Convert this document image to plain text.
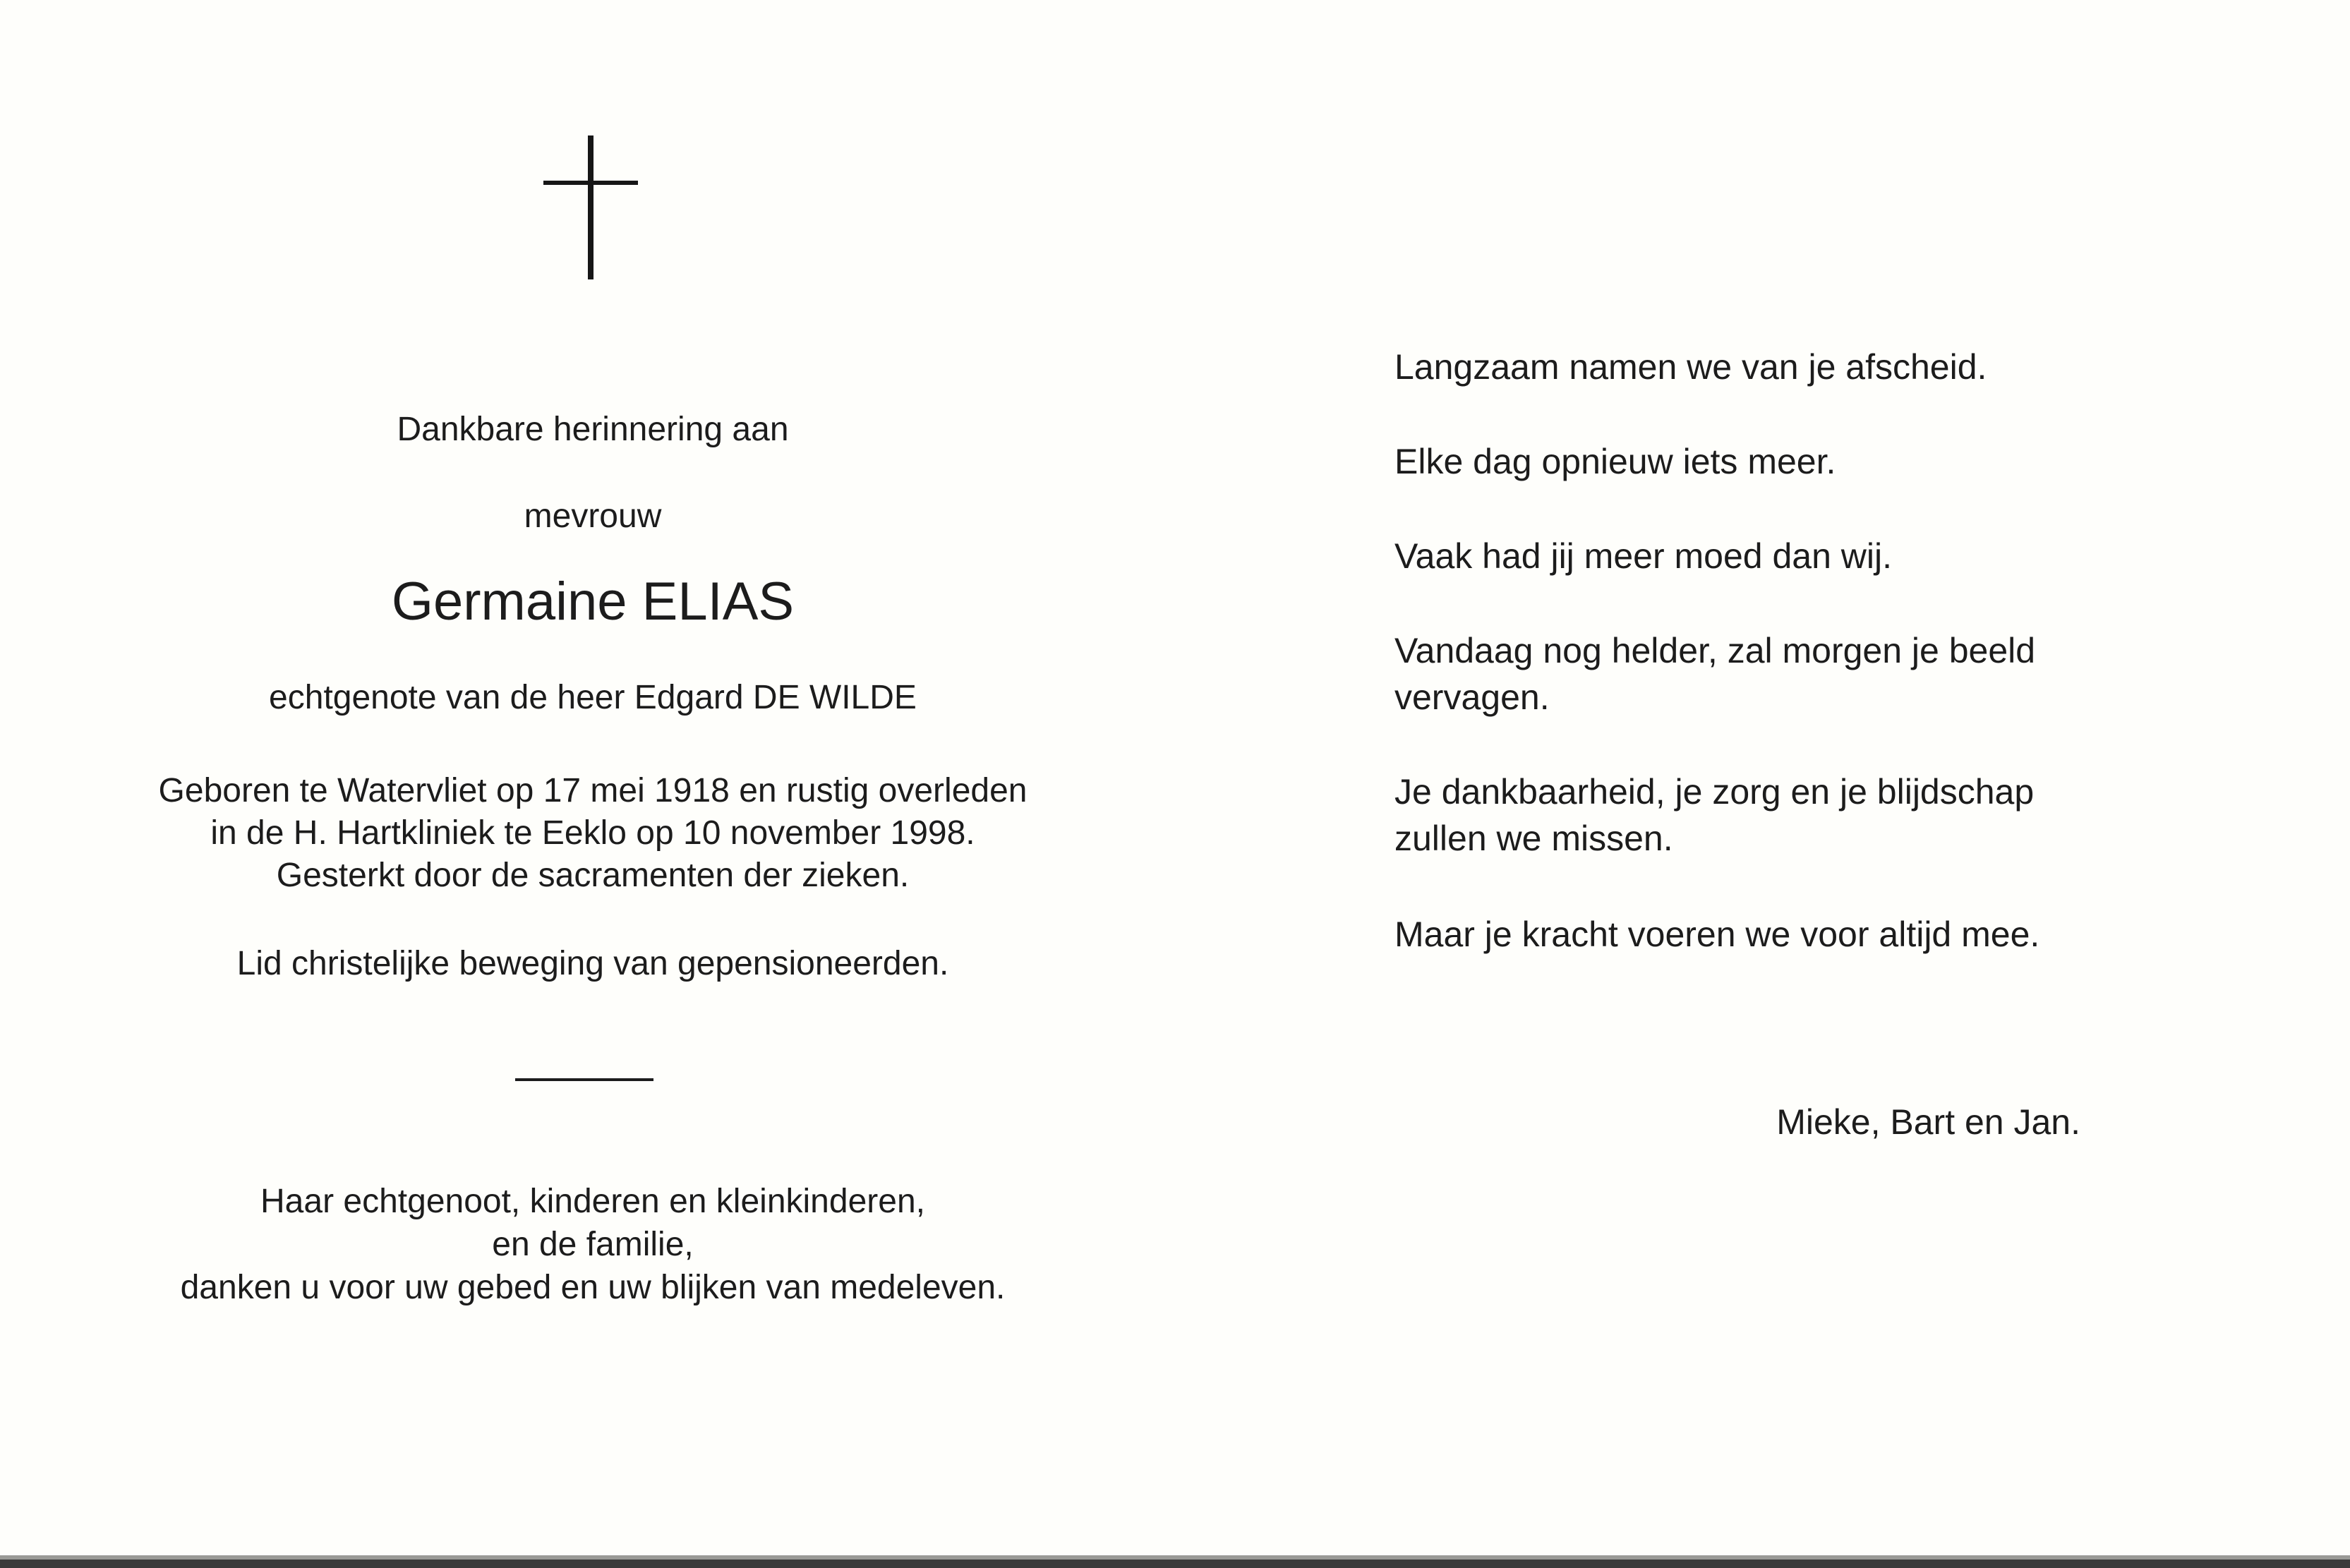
Dankbare herinnering aan
mevrouw
Germaine ELIAS
echtgenote van de heer Edgard DE WILDE
Geboren te Watervliet op 17 mei 1918 en rustig overleden
in de H. Hartkliniek te Eeklo op 10 november 1998.
Gesterkt door de sacramenten der zieken.
Lid christelijke beweging van gepensioneerden.
Haar echtgenoot, kinderen en kleinkinderen,
en de familie,
danken u voor uw gebed en uw blijken van medeleven.
Langzaam namen we van je afscheid.
Elke dag opnieuw iets meer.
Vaak had jij meer moed dan wij.
Vandaag nog helder, zal morgen je beeld
vervagen.
Je dankbaarheid, je zorg en je blijdschap
zullen we missen.
Maar je kracht voeren we voor altijd mee.
Mieke, Bart en Jan.
